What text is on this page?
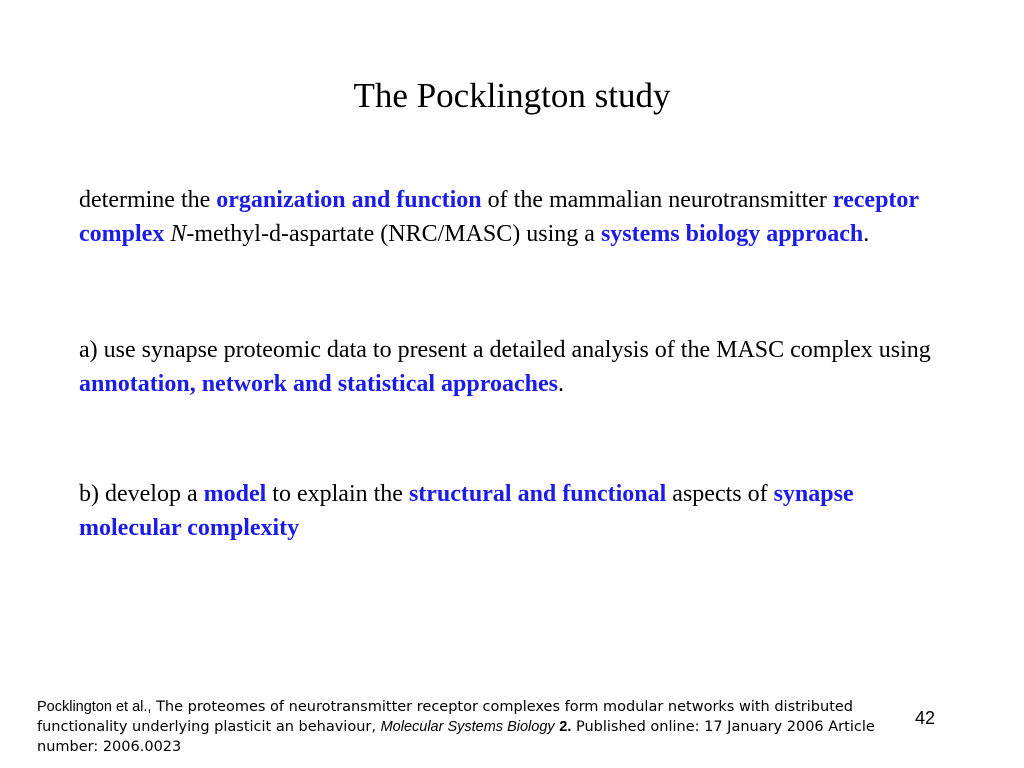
The Pocklington study
determine the organization and function of the mammalian neurotransmitter receptor complex N-methyl-d-aspartate (NRC/MASC) using a systems biology approach.
a) use synapse proteomic data to present a detailed analysis of the MASC complex using annotation, network and statistical approaches.
b) develop a model to explain the structural and functional aspects of synapse molecular complexity
Pocklington et al., The proteomes of neurotransmitter receptor complexes form modular networks with distributed functionality underlying plasticit an behaviour, Molecular Systems Biology 2. Published online: 17 January 2006 Article number: 2006.0023
42
